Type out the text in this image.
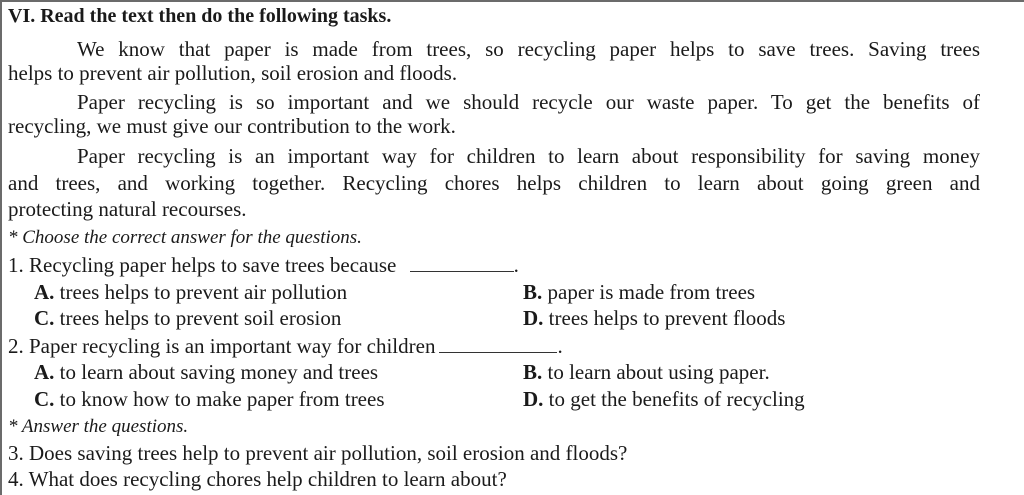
VI. Read the text then do the following tasks.
We know that paper is made from trees, so recycling paper helps to save trees. Saving trees
helps to prevent air pollution, soil erosion and floods.
Paper recycling is so important and we should recycle our waste paper. To get the benefits of
recycling, we must give our contribution to the work.
Paper recycling is an important way for children to learn about responsibility for saving money
and trees, and working together. Recycling chores helps children to learn about going green and
protecting natural recourses.
* Choose the correct answer for the questions.
1. Recycling paper helps to save trees because	.
A. trees helps to prevent air pollution	B. paper is made from trees
C. trees helps to prevent soil erosion	D. trees helps to prevent floods
2. Paper recycling is an important way for children	.
A. to learn about saving money and trees	B. to learn about using paper.
C. to know how to make paper from trees	D. to get the benefits of recycling
* Answer the questions.
3. Does saving trees help to prevent air pollution, soil erosion and floods?
4. What does recycling chores help children to learn about?
